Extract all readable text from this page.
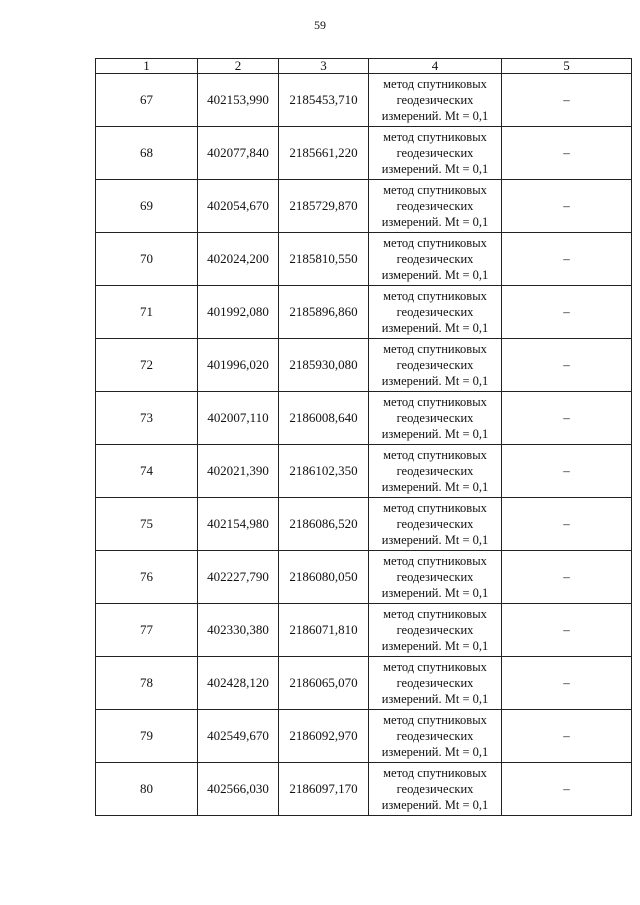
59
1	2	3	4	5
67	402153,990	2185453,710	метод спутниковых
геодезических
измерений. Mt = 0,1	–
68	402077,840	2185661,220	метод спутниковых
геодезических
измерений. Mt = 0,1	–
69	402054,670	2185729,870	метод спутниковых
геодезических
измерений. Mt = 0,1	–
70	402024,200	2185810,550	метод спутниковых
геодезических
измерений. Mt = 0,1	–
71	401992,080	2185896,860	метод спутниковых
геодезических
измерений. Mt = 0,1	–
72	401996,020	2185930,080	метод спутниковых
геодезических
измерений. Mt = 0,1	–
73	402007,110	2186008,640	метод спутниковых
геодезических
измерений. Mt = 0,1	–
74	402021,390	2186102,350	метод спутниковых
геодезических
измерений. Mt = 0,1	–
75	402154,980	2186086,520	метод спутниковых
геодезических
измерений. Mt = 0,1	–
76	402227,790	2186080,050	метод спутниковых
геодезических
измерений. Mt = 0,1	–
77	402330,380	2186071,810	метод спутниковых
геодезических
измерений. Mt = 0,1	–
78	402428,120	2186065,070	метод спутниковых
геодезических
измерений. Mt = 0,1	–
79	402549,670	2186092,970	метод спутниковых
геодезических
измерений. Mt = 0,1	–
80	402566,030	2186097,170	метод спутниковых
геодезических
измерений. Mt = 0,1	–
